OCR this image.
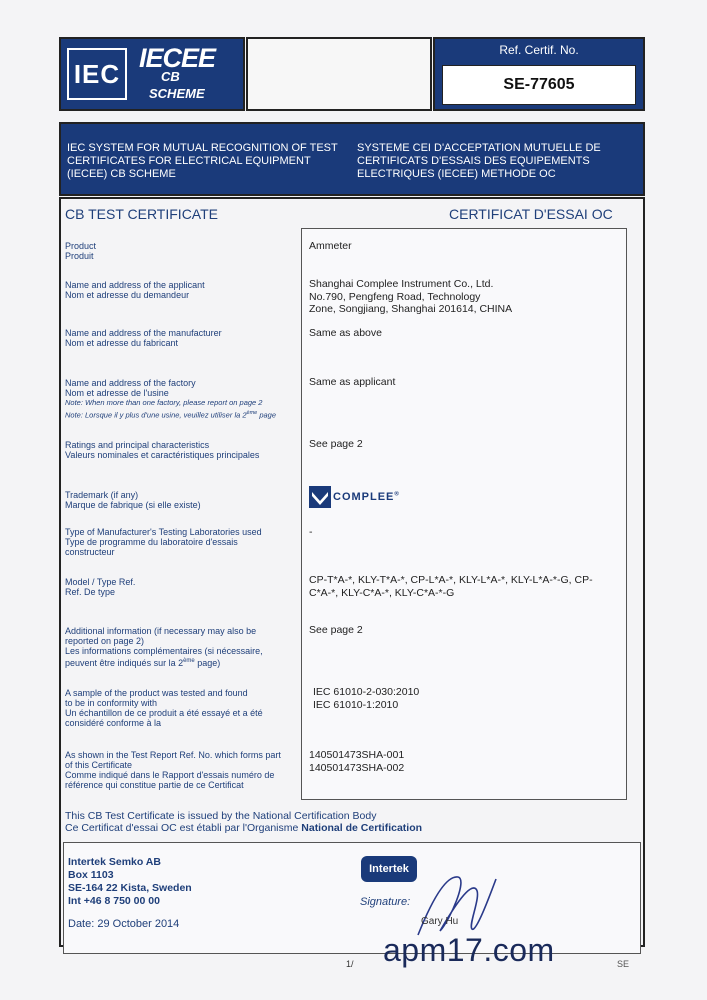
IEC
IECEE
CB
SCHEME
Ref. Certif. No.
SE-77605
IEC SYSTEM FOR MUTUAL RECOGNITION OF TEST CERTIFICATES FOR ELECTRICAL EQUIPMENT (IECEE) CB SCHEME
SYSTEME CEI D'ACCEPTATION MUTUELLE DE CERTIFICATS D'ESSAIS DES EQUIPEMENTS ELECTRIQUES (IECEE) METHODE OC
CB TEST CERTIFICATE	CERTIFICAT D'ESSAI OC
Product
Produit
Ammeter
Name and address of the applicant
Nom et adresse du demandeur
Shanghai Complee Instrument Co., Ltd.
No.790, Pengfeng Road, Technology
Zone, Songjiang, Shanghai 201614, CHINA
Name and address of the manufacturer
Nom et adresse du fabricant
Same as above
Name and address of the factory
Nom et adresse de l'usine
Note: When more than one factory, please report on page 2
Note: Lorsque il y plus d'une usine, veuillez utiliser la 2ème page
Same as applicant
Ratings and principal characteristics
Valeurs nominales et caractéristiques principales
See page 2
Trademark (if any)
Marque de fabrique (si elle existe)
COMPLEE®
Type of Manufacturer's Testing Laboratories used
Type de programme du laboratoire d'essais
constructeur
-
Model / Type Ref.
Ref. De type
CP-T*A-*, KLY-T*A-*, CP-L*A-*, KLY-L*A-*, KLY-L*A-*-G, CP-
C*A-*, KLY-C*A-*, KLY-C*A-*-G
Additional information (if necessary may also be
reported on page 2)
Les informations complémentaires (si nécessaire,
peuvent être indiqués sur la 2ème page)
See page 2
A sample of the product was tested and found
to be in conformity with
Un échantillon de ce produit a été essayé et a été
considéré conforme à la
IEC 61010-2-030:2010
IEC 61010-1:2010
As shown in the Test Report Ref. No. which forms part
of this Certificate
Comme indiqué dans le Rapport d'essais numéro de
référence qui constitue partie de ce Certificat
140501473SHA-001
140501473SHA-002
This CB Test Certificate is issued by the National Certification Body
Ce Certificat d'essai OC est établi par l'Organisme National de Certification
Intertek Semko AB
Box 1103
SE-164 22 Kista, Sweden
Int +46 8 750 00 00
Date: 29 October 2014
Intertek
Signature:
Gary Hu
1/	SE
apm17.com
